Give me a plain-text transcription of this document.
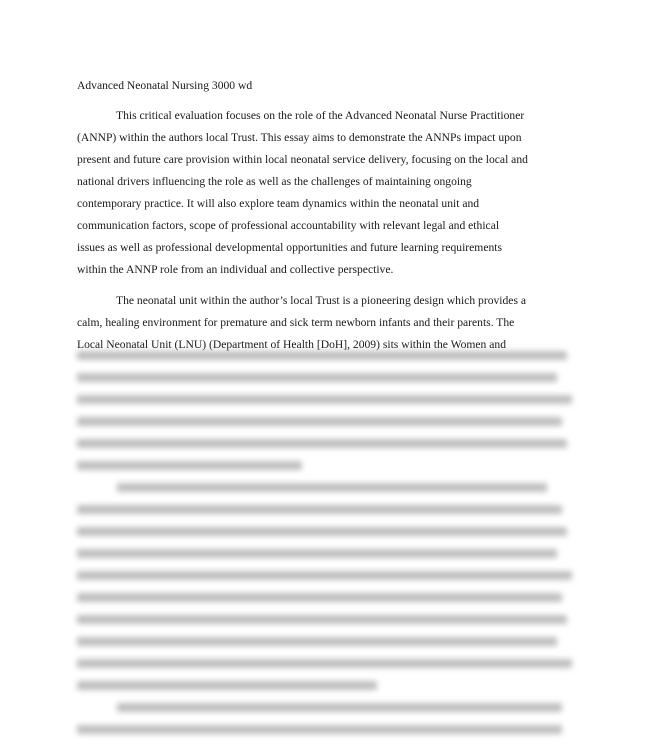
Advanced Neonatal Nursing 3000 wd
This critical evaluation focuses on the role of the Advanced Neonatal Nurse Practitioner
(ANNP) within the authors local Trust. This essay aims to demonstrate the ANNPs impact upon
present and future care provision within local neonatal service delivery, focusing on the local and
national drivers influencing the role as well as the challenges of maintaining ongoing
contemporary practice. It will also explore team dynamics within the neonatal unit and
communication factors, scope of professional accountability with relevant legal and ethical
issues as well as professional developmental opportunities and future learning requirements
within the ANNP role from an individual and collective perspective.
The neonatal unit within the author’s local Trust is a pioneering design which provides a
calm, healing environment for premature and sick term newborn infants and their parents. The
Local Neonatal Unit (LNU) (Department of Health [DoH], 2009) sits within the Women and
